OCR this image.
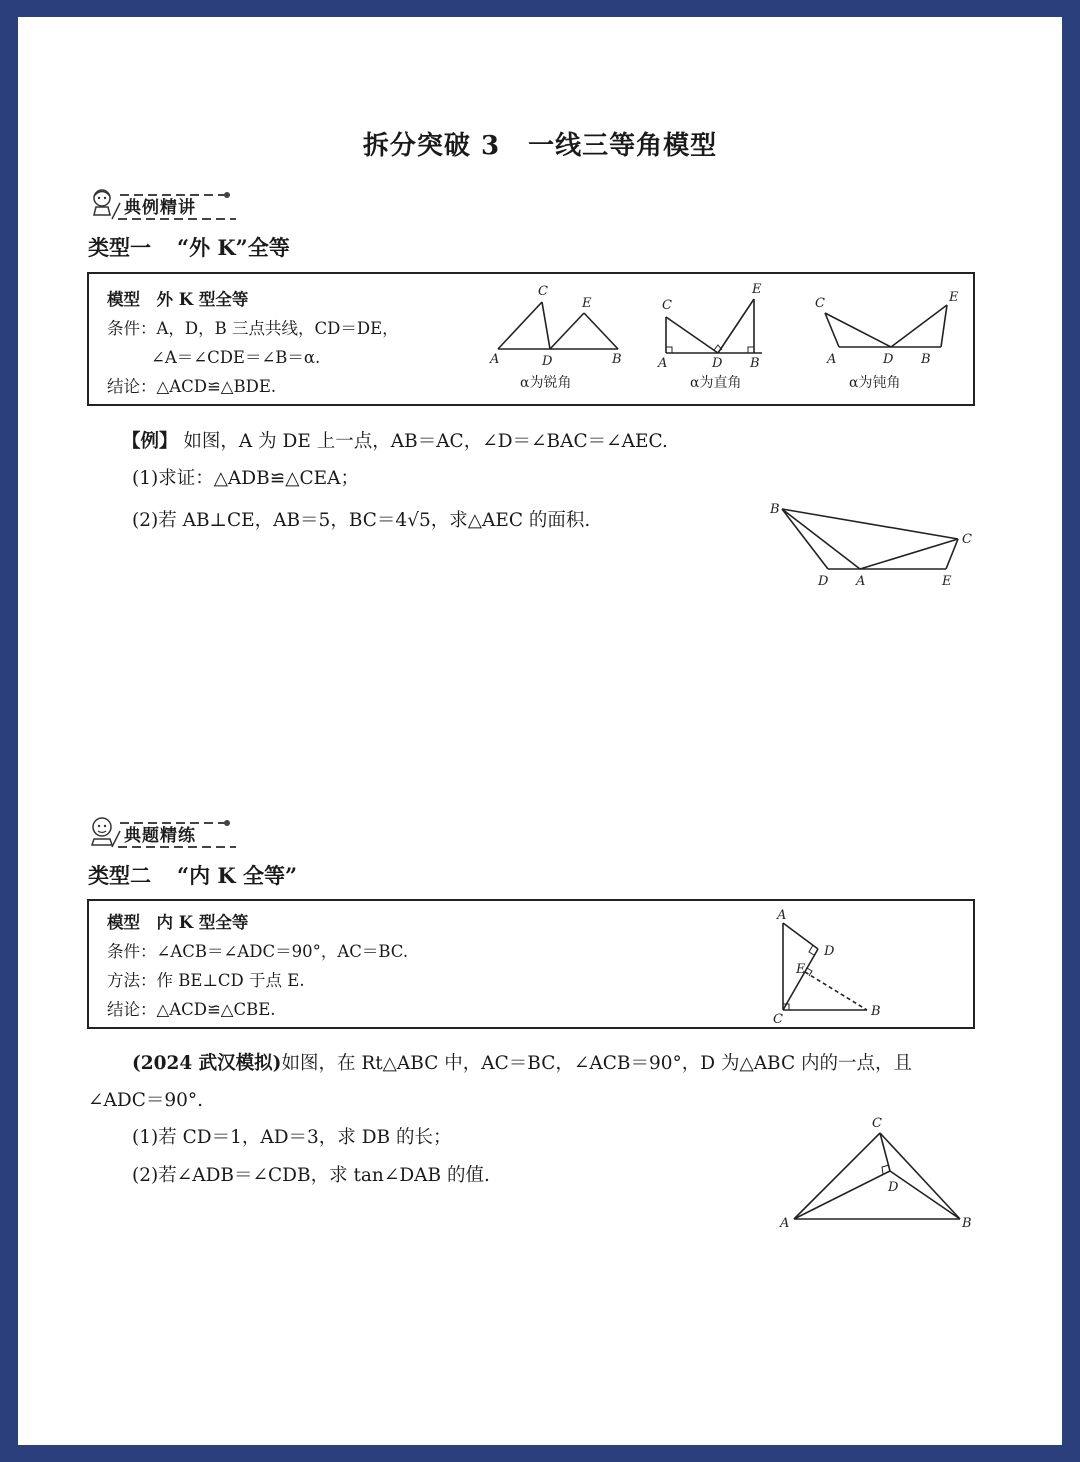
拆分突破 3 一线三等角模型
典例精讲
类型一 “外 K”全等
模型　外 K 型全等
条件：A，D，B 三点共线，CD＝DE，
∠A＝∠CDE＝∠B＝α.
结论：△ACD≌△BDE.
C
E
A	D	B
α为锐角
C
E
A	D B
α为直角
C	E
A	D B
α为钝角
【例】 如图，A 为 DE 上一点，AB＝AC，∠D＝∠BAC＝∠AEC.
(1)求证：△ADB≌△CEA；
(2)若 AB⊥CE，AB＝5，BC＝4√5，求△AEC 的面积.
B
C
D A	E
典题精练
类型二 “内 K 全等”
模型　内 K 型全等
条件：∠ACB＝∠ADC＝90°，AC＝BC.
方法：作 BE⊥CD 于点 E.
结论：△ACD≌△CBE.
A
D
E
C
B
(2024 武汉模拟)如图，在 Rt△ABC 中，AC＝BC，∠ACB＝90°，D 为△ABC 内的一点，且
∠ADC＝90°.
(1)若 CD＝1，AD＝3，求 DB 的长；
(2)若∠ADB＝∠CDB，求 tan∠DAB 的值.
C
D
A	B
